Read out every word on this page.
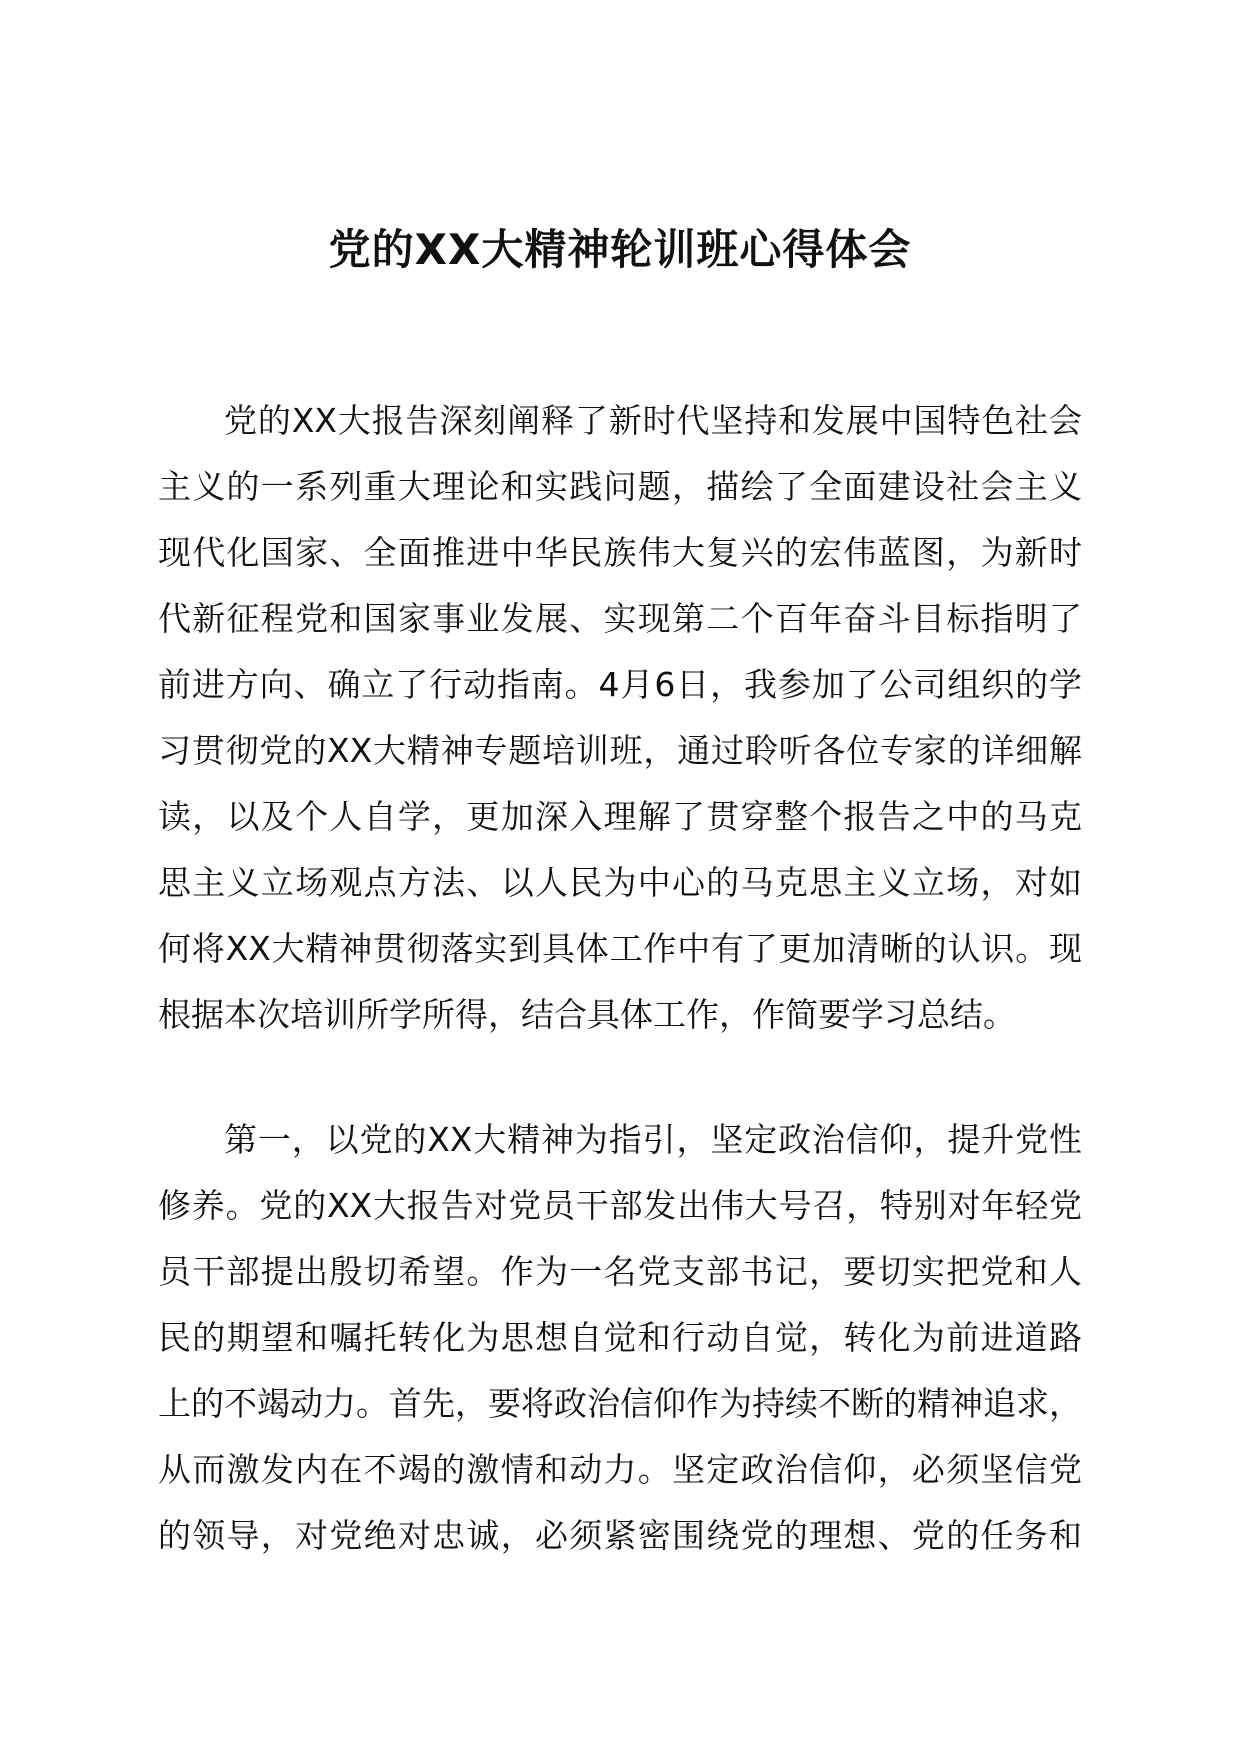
党的XX大精神轮训班心得体会
党的XX大报告深刻阐释了新时代坚持和发展中国特色社会
主义的一系列重大理论和实践问题，描绘了全面建设社会主义
现代化国家、全面推进中华民族伟大复兴的宏伟蓝图，为新时
代新征程党和国家事业发展、实现第二个百年奋斗目标指明了
前进方向、确立了行动指南。4月6日，我参加了公司组织的学
习贯彻党的XX大精神专题培训班，通过聆听各位专家的详细解
读，以及个人自学，更加深入理解了贯穿整个报告之中的马克
思主义立场观点方法、以人民为中心的马克思主义立场，对如
何将XX大精神贯彻落实到具体工作中有了更加清晰的认识。现
根据本次培训所学所得，结合具体工作，作简要学习总结。
第一，以党的XX大精神为指引，坚定政治信仰，提升党性
修养。党的XX大报告对党员干部发出伟大号召，特别对年轻党
员干部提出殷切希望。作为一名党支部书记，要切实把党和人
民的期望和嘱托转化为思想自觉和行动自觉，转化为前进道路
上的不竭动力。首先，要将政治信仰作为持续不断的精神追求，
从而激发内在不竭的激情和动力。坚定政治信仰，必须坚信党
的领导，对党绝对忠诚，必须紧密围绕党的理想、党的任务和
